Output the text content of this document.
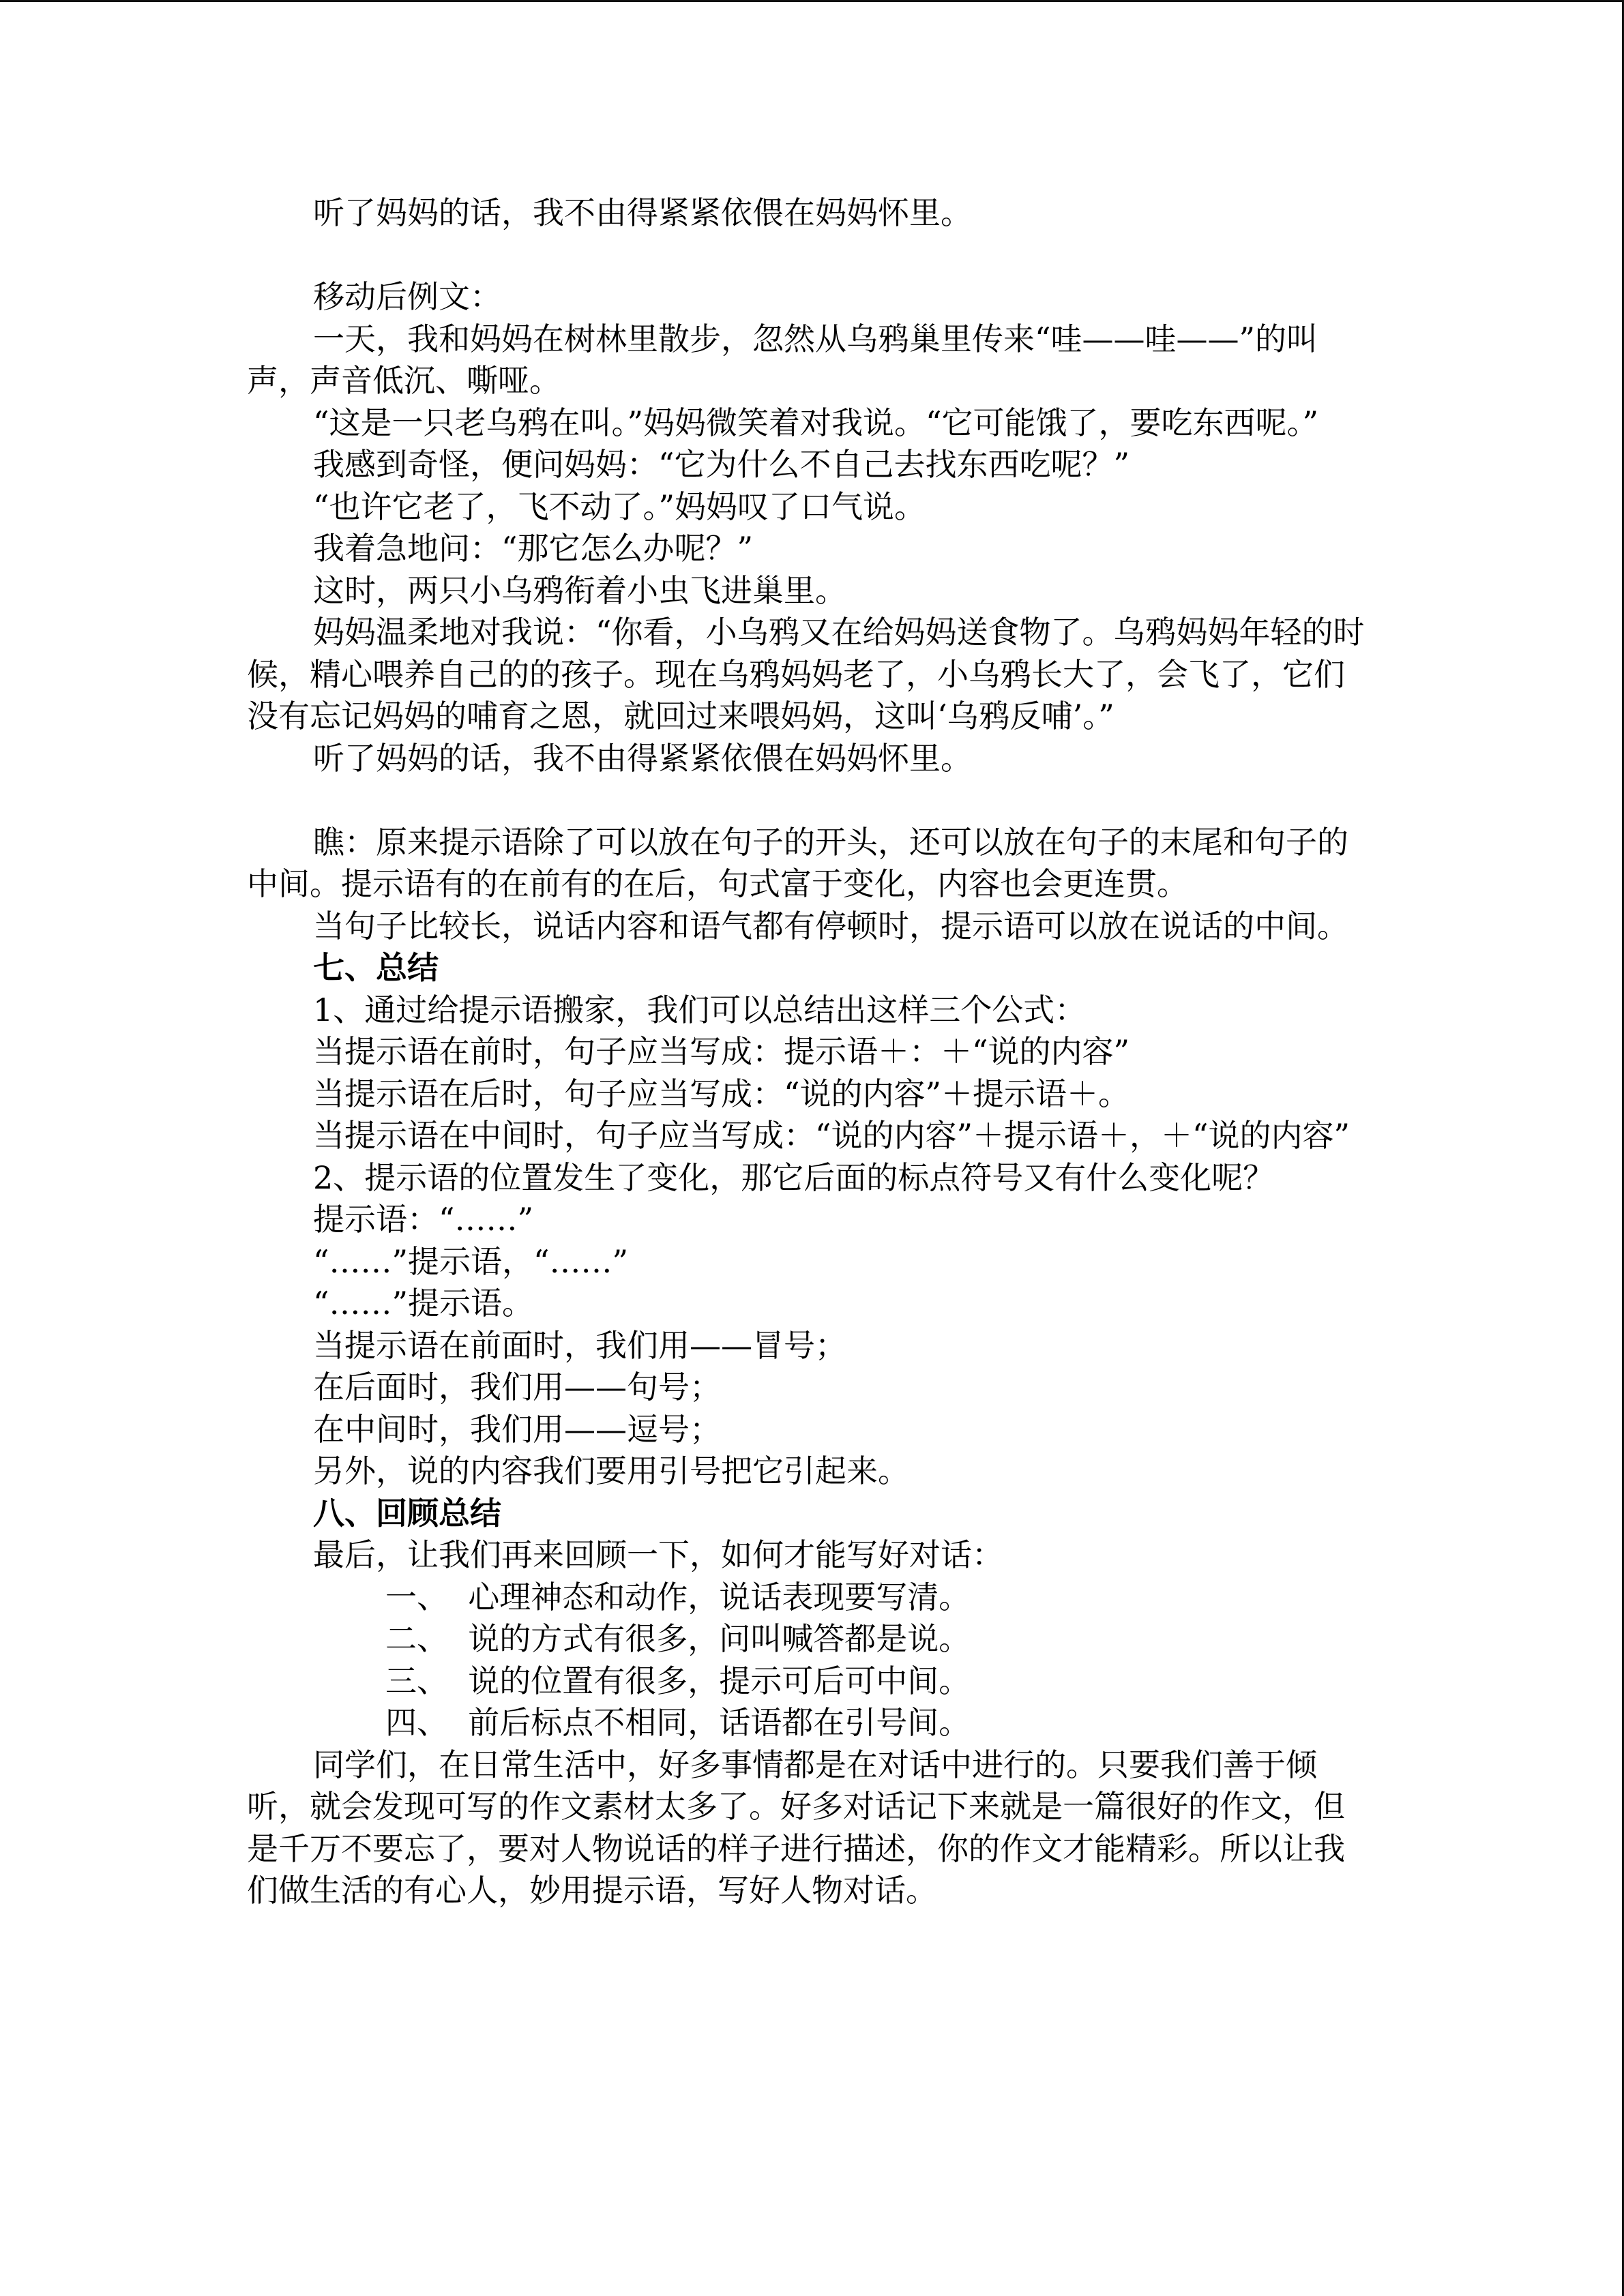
听了妈妈的话，我不由得紧紧依偎在妈妈怀里。

移动后例文：

一天，我和妈妈在树林里散步，忽然从乌鸦巢里传来“哇——哇——”的叫声，声音低沉、嘶哑。

“这是一只老乌鸦在叫。”妈妈微笑着对我说。“它可能饿了，要吃东西呢。”

我感到奇怪，便问妈妈：“它为什么不自己去找东西吃呢？”

“也许它老了，飞不动了。”妈妈叹了口气说。

我着急地问：“那它怎么办呢？”

这时，两只小乌鸦衔着小虫飞进巢里。

妈妈温柔地对我说：“你看，小乌鸦又在给妈妈送食物了。乌鸦妈妈年轻的时候，精心喂养自己的的孩子。现在乌鸦妈妈老了，小乌鸦长大了，会飞了，它们没有忘记妈妈的哺育之恩，就回过来喂妈妈，这叫‘乌鸦反哺’。”

听了妈妈的话，我不由得紧紧依偎在妈妈怀里。

瞧：原来提示语除了可以放在句子的开头，还可以放在句子的末尾和句子的中间。提示语有的在前有的在后，句式富于变化，内容也会更连贯。

当句子比较长，说话内容和语气都有停顿时，提示语可以放在说话的中间。

七、总结

1、通过给提示语搬家，我们可以总结出这样三个公式：

当提示语在前时，句子应当写成：提示语＋：＋“说的内容”

当提示语在后时，句子应当写成：“说的内容”＋提示语＋。

当提示语在中间时，句子应当写成：“说的内容”＋提示语＋，＋“说的内容”

2、提示语的位置发生了变化，那它后面的标点符号又有什么变化呢？

提示语：“……”

“……”提示语，“……”

“……”提示语。

当提示语在前面时，我们用——冒号；

在后面时，我们用——句号；

在中间时，我们用——逗号；

另外，说的内容我们要用引号把它引起来。

八、回顾总结

最后，让我们再来回顾一下，如何才能写好对话：

一、  心理神态和动作，说话表现要写清。

二、  说的方式有很多，问叫喊答都是说。

三、  说的位置有很多，提示可后可中间。

四、  前后标点不相同，话语都在引号间。

同学们，在日常生活中，好多事情都是在对话中进行的。只要我们善于倾听，就会发现可写的作文素材太多了。好多对话记下来就是一篇很好的作文，但是千万不要忘了，要对人物说话的样子进行描述，你的作文才能精彩。所以让我们做生活的有心人，妙用提示语，写好人物对话。
